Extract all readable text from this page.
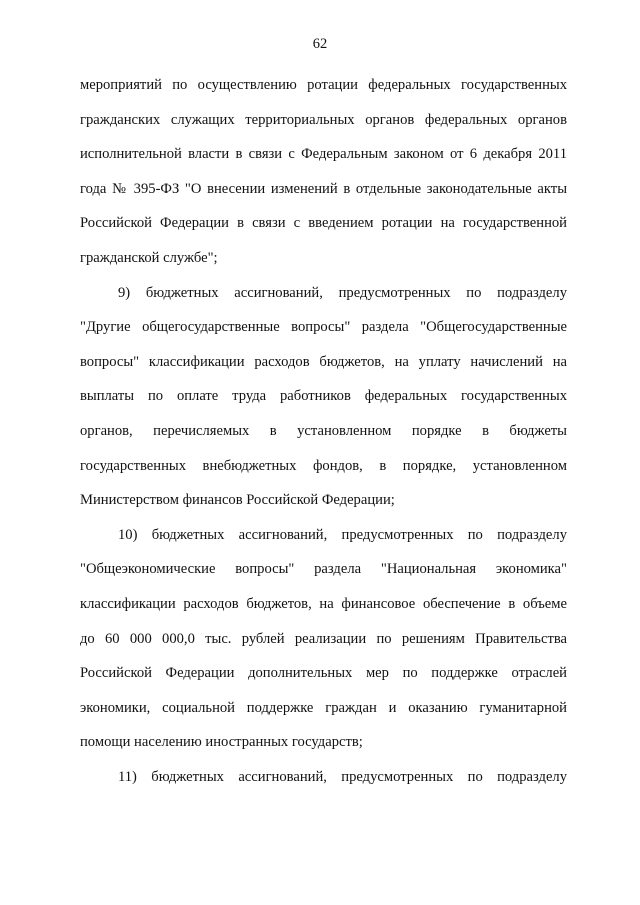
62
мероприятий по осуществлению ротации федеральных государственных
гражданских служащих территориальных органов федеральных органов
исполнительной власти в связи с Федеральным законом от 6 декабря 2011
года № 395-ФЗ "О внесении изменений в отдельные законодательные акты
Российской Федерации в связи с введением ротации на государственной
гражданской службе";
9) бюджетных ассигнований, предусмотренных по подразделу
"Другие общегосударственные вопросы" раздела "Общегосударственные
вопросы" классификации расходов бюджетов, на уплату начислений на
выплаты по оплате труда работников федеральных государственных
органов, перечисляемых в установленном порядке в бюджеты
государственных внебюджетных фондов, в порядке, установленном
Министерством финансов Российской Федерации;
10) бюджетных ассигнований, предусмотренных по подразделу
"Общеэкономические вопросы" раздела "Национальная экономика"
классификации расходов бюджетов, на финансовое обеспечение в объеме
до 60 000 000,0 тыс. рублей реализации по решениям Правительства
Российской Федерации дополнительных мер по поддержке отраслей
экономики, социальной поддержке граждан и оказанию гуманитарной
помощи населению иностранных государств;
11) бюджетных ассигнований, предусмотренных по подразделу
